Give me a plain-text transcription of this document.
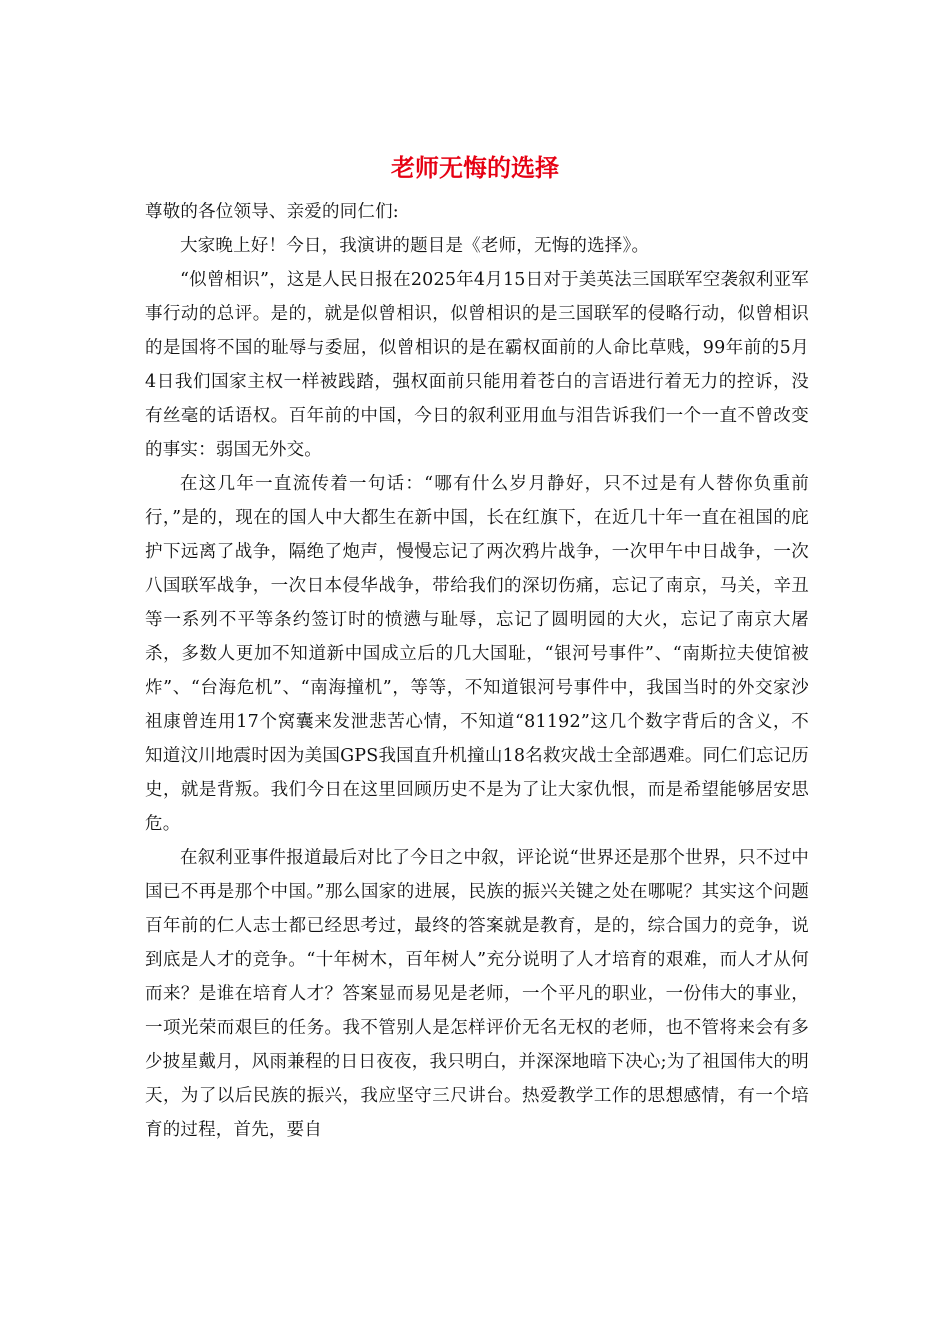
老师无悔的选择

尊敬的各位领导、亲爱的同仁们:

大家晚上好！今日，我演讲的题目是《老师，无悔的选择》。

“似曾相识”，这是人民日报在2025年4月15日对于美英法三国联军空袭叙利亚军事行动的总评。是的，就是似曾相识，似曾相识的是三国联军的侵略行动，似曾相识的是国将不国的耻辱与委屈，似曾相识的是在霸权面前的人命比草贱，99年前的5月4日我们国家主权一样被践踏，强权面前只能用着苍白的言语进行着无力的控诉，没有丝毫的话语权。百年前的中国，今日的叙利亚用血与泪告诉我们一个一直不曾改变的事实：弱国无外交。

在这几年一直流传着一句话：“哪有什么岁月静好，只不过是有人替你负重前行，”是的，现在的国人中大都生在新中国，长在红旗下，在近几十年一直在祖国的庇护下远离了战争，隔绝了炮声，慢慢忘记了两次鸦片战争，一次甲午中日战争，一次八国联军战争，一次日本侵华战争，带给我们的深切伤痛，忘记了南京，马关，辛丑等一系列不平等条约签订时的愤懑与耻辱，忘记了圆明园的大火，忘记了南京大屠杀，多数人更加不知道新中国成立后的几大国耻，“银河号事件”、“南斯拉夫使馆被炸”、“台海危机”、“南海撞机”，等等，不知道银河号事件中，我国当时的外交家沙祖康曾连用17个窝囊来发泄悲苦心情，不知道“81192”这几个数字背后的含义，不知道汶川地震时因为美国GPS我国直升机撞山18名救灾战士全部遇难。同仁们忘记历史，就是背叛。我们今日在这里回顾历史不是为了让大家仇恨，而是希望能够居安思危。

在叙利亚事件报道最后对比了今日之中叙，评论说“世界还是那个世界，只不过中国已不再是那个中国。”那么国家的进展，民族的振兴关键之处在哪呢？其实这个问题百年前的仁人志士都已经思考过，最终的答案就是教育，是的，综合国力的竞争，说到底是人才的竞争。“十年树木，百年树人”充分说明了人才培育的艰难，而人才从何而来？是谁在培育人才？答案显而易见是老师，一个平凡的职业，一份伟大的事业，一项光荣而艰巨的任务。我不管别人是怎样评价无名无权的老师，也不管将来会有多少披星戴月，风雨兼程的日日夜夜，我只明白，并深深地暗下决心;为了祖国伟大的明天，为了以后民族的振兴，我应坚守三尺讲台。热爱教学工作的思想感情，有一个培育的过程，首先，要自
